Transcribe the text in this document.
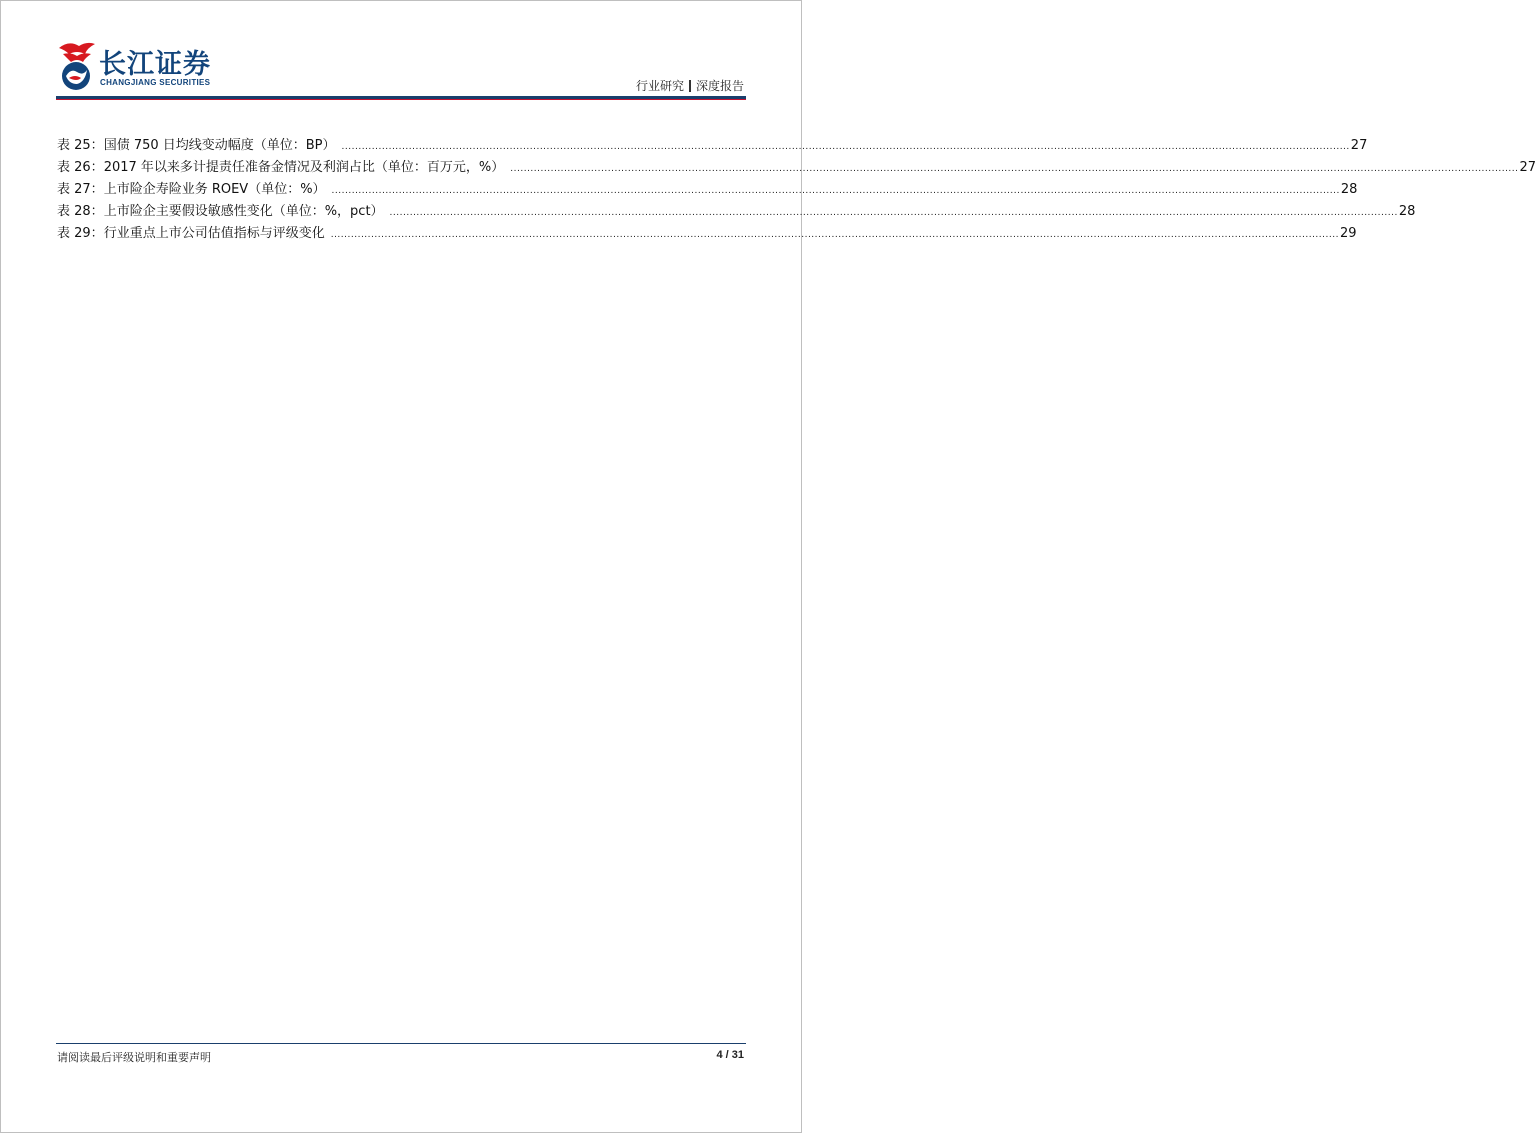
长江证券
CHANGJIANG SECURITIES	行业研究 深度报告
表 25： 国债 750 日均线变动幅度（单位：BP） ............................................................................................................................................................................................................................................................................................................ 27
表 26： 2017 年以来多计提责任准备金情况及利润占比（单位：百万元，%） ............................................................................................................................................................................................................................................................................................................ 27
表 27： 上市险企寿险业务 ROEV（单位：%） ............................................................................................................................................................................................................................................................................................................ 28
表 28： 上市险企主要假设敏感性变化（单位：%，pct） ............................................................................................................................................................................................................................................................................................................ 28
表 29： 行业重点上市公司估值指标与评级变化 ............................................................................................................................................................................................................................................................................................................ 29
请阅读最后评级说明和重要声明	4 / 31
